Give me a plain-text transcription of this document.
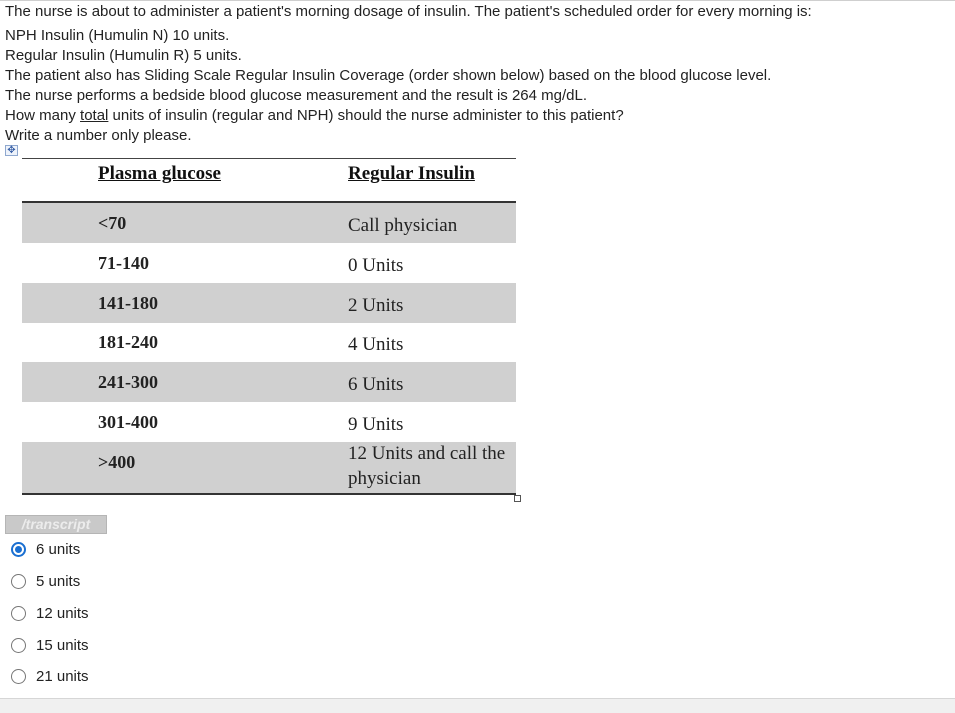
The nurse is about to administer a patient's morning dosage of insulin. The patient's scheduled order for every morning is:

NPH Insulin (Humulin N) 10 units.

Regular Insulin (Humulin R) 5 units.

The patient also has Sliding Scale Regular Insulin Coverage (order shown below) based on the blood glucose level.

The nurse performs a bedside blood glucose measurement and the result is 264 mg/dL.

How many total units of insulin (regular and NPH) should the nurse administer to this patient?

Write a number only please.

✥
Plasma glucose	Regular Insulin
<70	Call physician
71-140	0 Units
141-180	2 Units
181-240	4 Units
241-300	6 Units
301-400	9 Units
>400	12 Units and call the physician
/transcript
6 units
5 units
12 units
15 units
21 units
